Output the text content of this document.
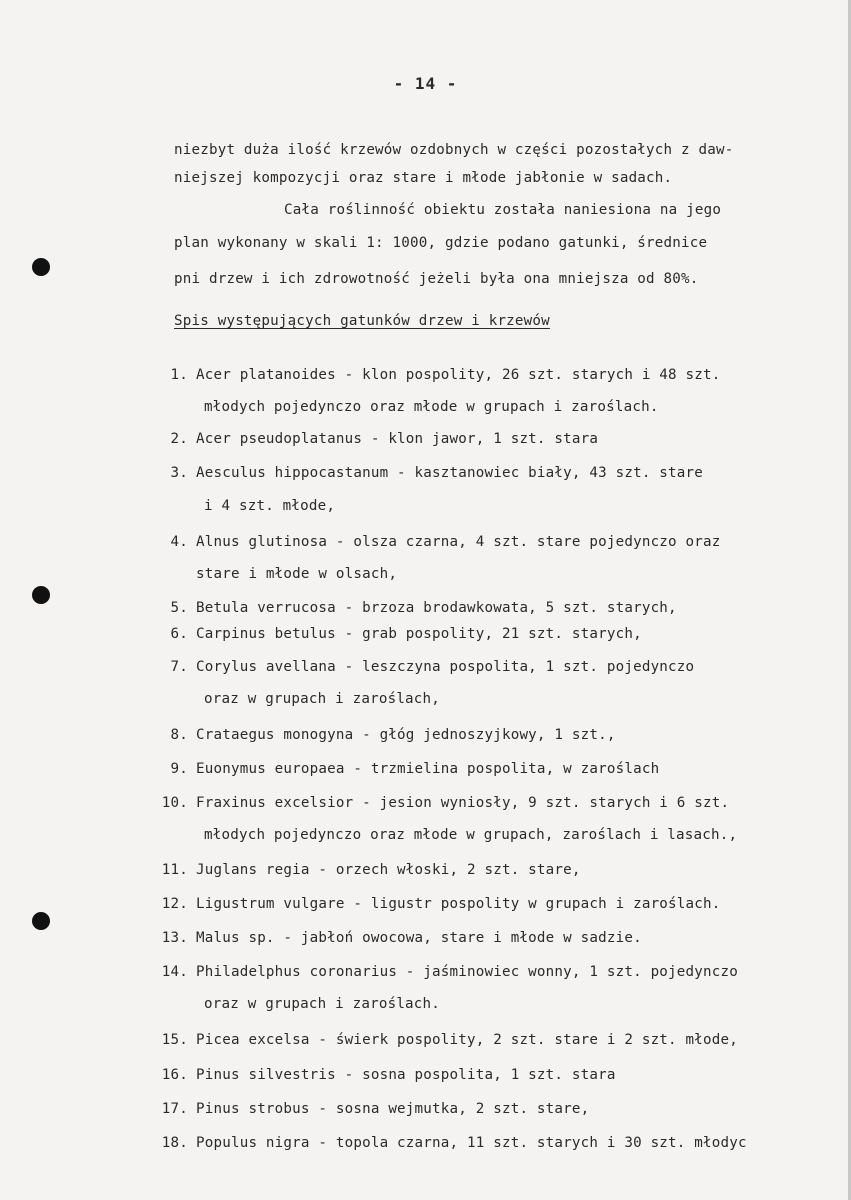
- 14 -
niezbyt duża ilość krzewów ozdobnych w części pozostałych z daw-
niejszej kompozycji oraz stare i młode jabłonie w sadach.
Cała roślinność obiektu została naniesiona na jego
plan wykonany w skali 1: 1000, gdzie podano gatunki, średnice
pni drzew i ich zdrowotność jeżeli była ona mniejsza od 80%.
Spis występujących gatunków drzew i krzewów
1. Acer platanoides - klon pospolity, 26 szt. starych i 48 szt.
młodych pojedynczo oraz młode w grupach i zaroślach.
2. Acer pseudoplatanus - klon jawor, 1 szt. stara
3. Aesculus hippocastanum - kasztanowiec biały, 43 szt. stare
i 4 szt. młode,
4. Alnus glutinosa - olsza czarna, 4 szt. stare pojedynczo oraz
stare i młode w olsach,
5. Betula verrucosa - brzoza brodawkowata, 5 szt. starych,
6. Carpinus betulus - grab pospolity, 21 szt. starych,
7. Corylus avellana - leszczyna pospolita, 1 szt. pojedynczo
oraz w grupach i zaroślach,
8. Crataegus monogyna - głóg jednoszyjkowy, 1 szt.,
9. Euonymus europaea - trzmielina pospolita, w zaroślach
10. Fraxinus excelsior - jesion wyniosły, 9 szt. starych i 6 szt.
młodych pojedynczo oraz młode w grupach, zaroślach i lasach.,
11. Juglans regia - orzech włoski, 2 szt. stare,
12. Ligustrum vulgare - ligustr pospolity w grupach i zaroślach.
13. Malus sp. - jabłoń owocowa, stare i młode w sadzie.
14. Philadelphus coronarius - jaśminowiec wonny, 1 szt. pojedynczo
oraz w grupach i zaroślach.
15. Picea excelsa - świerk pospolity, 2 szt. stare i 2 szt. młode,
16. Pinus silvestris - sosna pospolita, 1 szt. stara
17. Pinus strobus - sosna wejmutka, 2 szt. stare,
18. Populus nigra - topola czarna, 11 szt. starych i 30 szt. młodyc
